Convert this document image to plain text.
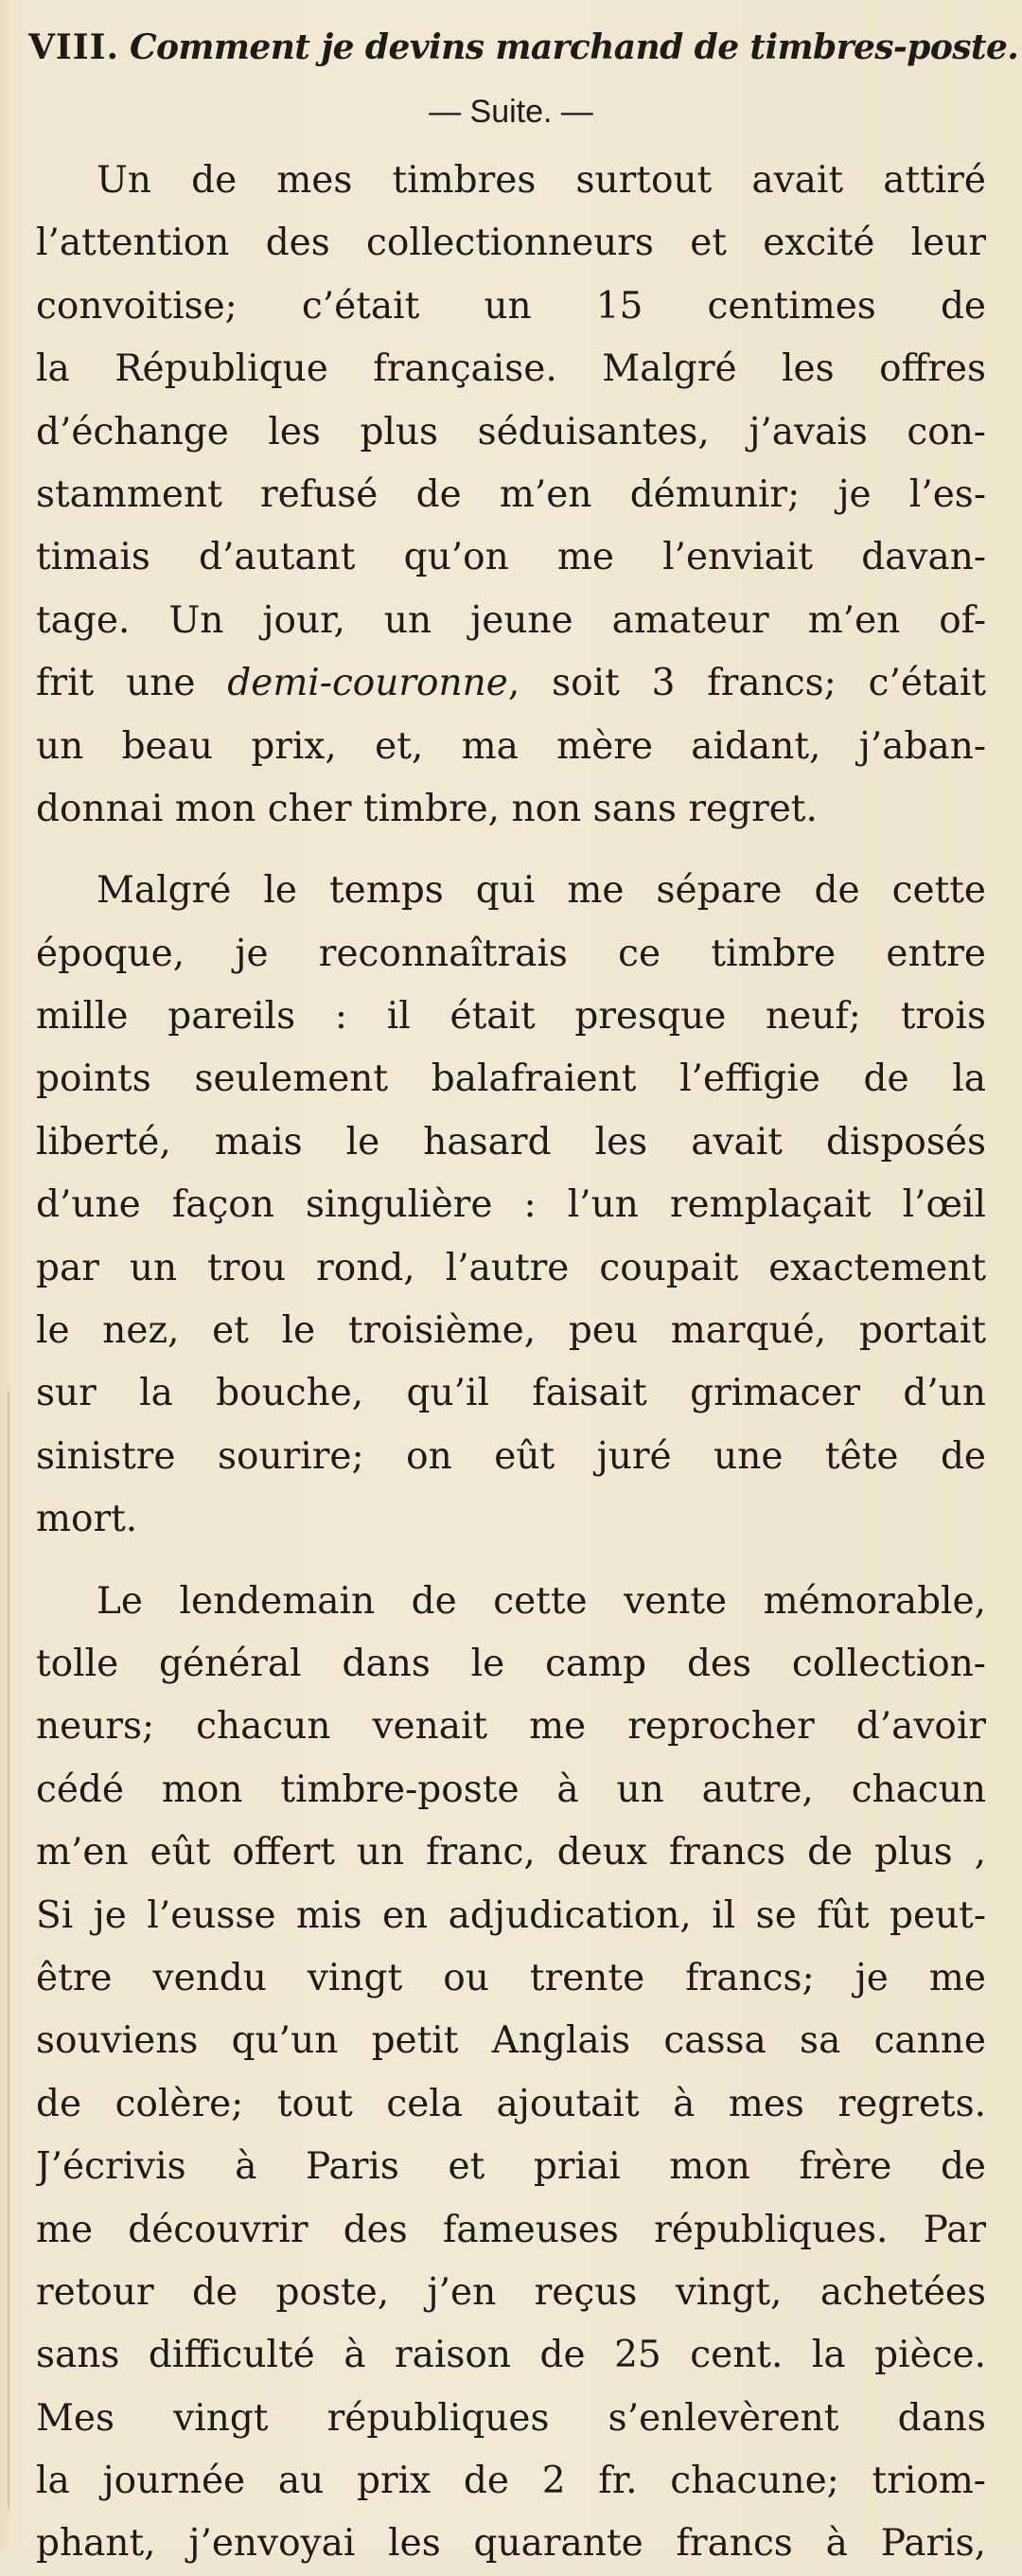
VIII. Comment je devins marchand de timbres-poste.
— Suite. —
Un de mes timbres surtout avait attiré
l’attention des collectionneurs et excité leur
convoitise; c’était un 15 centimes de
la République française. Malgré les offres
d’échange les plus séduisantes, j’avais con-
stamment refusé de m’en démunir; je l’es-
timais d’autant qu’on me l’enviait davan-
tage. Un jour, un jeune amateur m’en of-
frit une demi-couronne, soit 3 francs; c’était
un beau prix, et, ma mère aidant, j’aban-
donnai mon cher timbre, non sans regret.
Malgré le temps qui me sépare de cette
époque, je reconnaîtrais ce timbre entre
mille pareils : il était presque neuf; trois
points seulement balafraient l’effigie de la
liberté, mais le hasard les avait disposés
d’une façon singulière : l’un remplaçait l’œil
par un trou rond, l’autre coupait exactement
le nez, et le troisième, peu marqué, portait
sur la bouche, qu’il faisait grimacer d’un
sinistre sourire; on eût juré une tête de
mort.
Le lendemain de cette vente mémorable,
tolle général dans le camp des collection-
neurs; chacun venait me reprocher d’avoir
cédé mon timbre-poste à un autre, chacun
m’en eût offert un franc, deux francs de plus ,
Si je l’eusse mis en adjudication, il se fût peut-
être vendu vingt ou trente francs; je me
souviens qu’un petit Anglais cassa sa canne
de colère; tout cela ajoutait à mes regrets.
J’écrivis à Paris et priai mon frère de
me découvrir des fameuses républiques. Par
retour de poste, j’en reçus vingt, achetées
sans difficulté à raison de 25 cent. la pièce.
Mes vingt républiques s’enlevèrent dans
la journée au prix de 2 fr. chacune; triom-
phant, j’envoyai les quarante francs à Paris,
